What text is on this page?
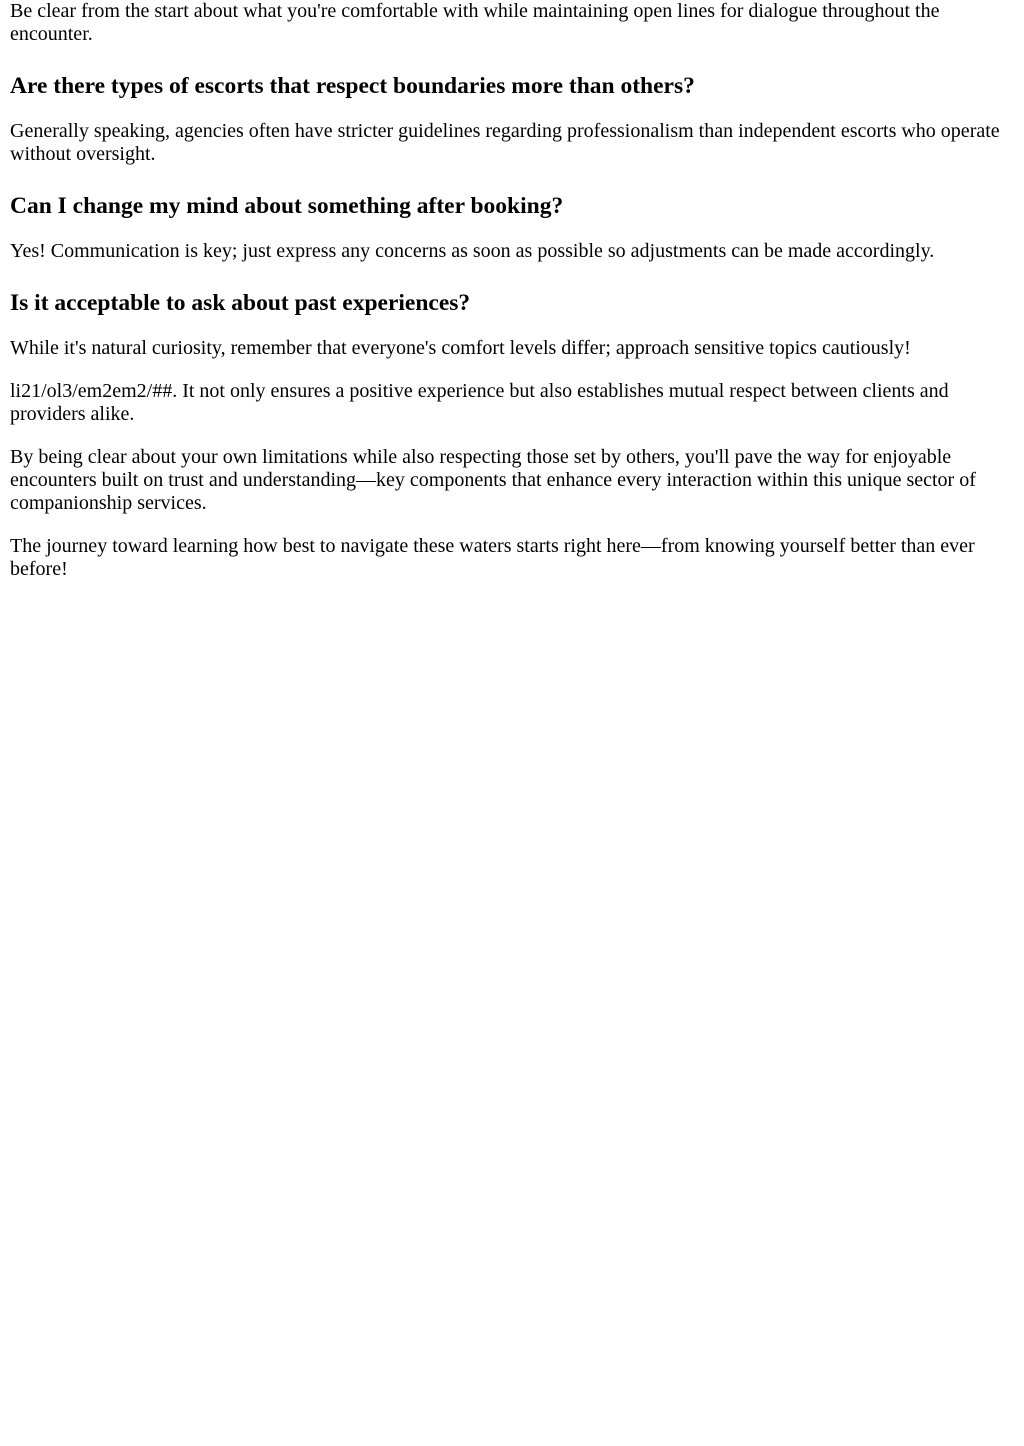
Be clear from the start about what you're comfortable with while maintaining open lines for dialogue throughout the encounter.

Are there types of escorts that respect boundaries more than others?

Generally speaking, agencies often have stricter guidelines regarding professionalism than independent escorts who operate without oversight.

Can I change my mind about something after booking?

Yes! Communication is key; just express any concerns as soon as possible so adjustments can be made accordingly.

Is it acceptable to ask about past experiences?

While it's natural curiosity, remember that everyone's comfort levels differ; approach sensitive topics cautiously!

li21/ol3/em2em2/##. It not only ensures a positive experience but also establishes mutual respect between clients and providers alike.

By being clear about your own limitations while also respecting those set by others, you'll pave the way for enjoyable encounters built on trust and understanding—key components that enhance every interaction within this unique sector of companionship services.

The journey toward learning how best to navigate these waters starts right here—from knowing yourself better than ever before!
